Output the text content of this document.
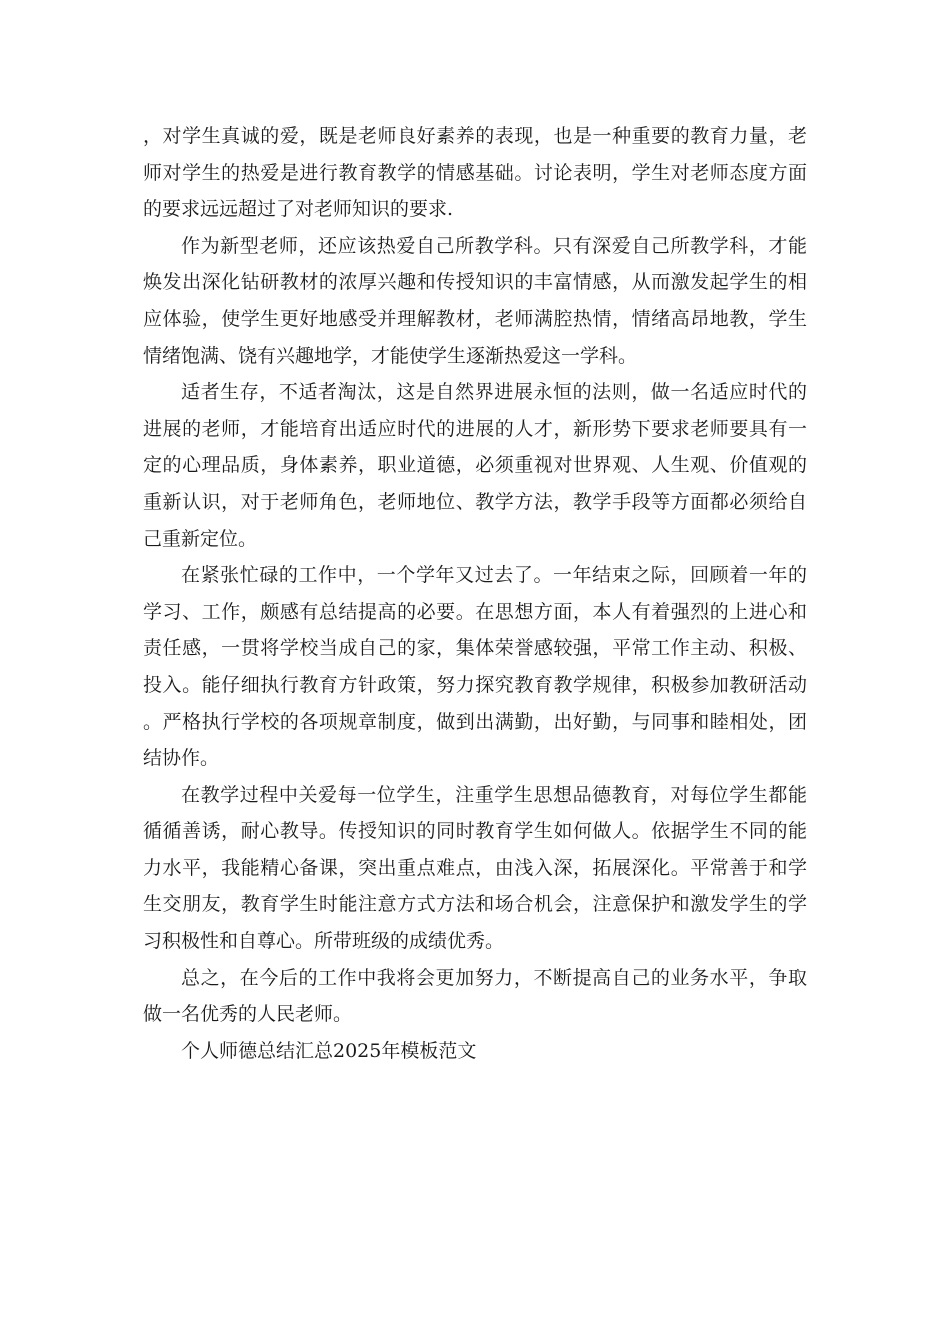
，对学生真诚的爱，既是老师良好素养的表现，也是一种重要的教育力量，老师对学生的热爱是进行教育教学的情感基础。讨论表明，学生对老师态度方面的要求远远超过了对老师知识的要求.

作为新型老师，还应该热爱自己所教学科。只有深爱自己所教学科，才能焕发出深化钻研教材的浓厚兴趣和传授知识的丰富情感，从而激发起学生的相应体验，使学生更好地感受并理解教材，老师满腔热情，情绪高昂地教，学生情绪饱满、饶有兴趣地学，才能使学生逐渐热爱这一学科。

适者生存，不适者淘汰，这是自然界进展永恒的法则，做一名适应时代的进展的老师，才能培育出适应时代的进展的人才，新形势下要求老师要具有一定的心理品质，身体素养，职业道德，必须重视对世界观、人生观、价值观的重新认识，对于老师角色，老师地位、教学方法，教学手段等方面都必须给自己重新定位。

在紧张忙碌的工作中，一个学年又过去了。一年结束之际，回顾着一年的学习、工作，颇感有总结提高的必要。在思想方面，本人有着强烈的上进心和责任感，一贯将学校当成自己的家，集体荣誉感较强，平常工作主动、积极、投入。能仔细执行教育方针政策，努力探究教育教学规律，积极参加教研活动。严格执行学校的各项规章制度，做到出满勤，出好勤，与同事和睦相处，团结协作。

在教学过程中关爱每一位学生，注重学生思想品德教育，对每位学生都能循循善诱，耐心教导。传授知识的同时教育学生如何做人。依据学生不同的能力水平，我能精心备课，突出重点难点，由浅入深，拓展深化。平常善于和学生交朋友，教育学生时能注意方式方法和场合机会，注意保护和激发学生的学习积极性和自尊心。所带班级的成绩优秀。

总之，在今后的工作中我将会更加努力，不断提高自己的业务水平，争取做一名优秀的人民老师。

个人师德总结汇总2025年模板范文
